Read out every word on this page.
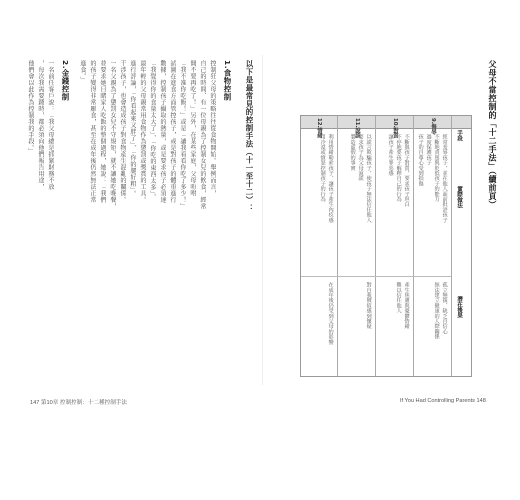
以下是最常見的控制手法（十一至十二）：
1.食物控制
控制狂父母的策略往往從食物開始。舉例而言，
自己的時間、有一位母親為了控制女兒的飲食，經常
開不要再吃了！」另外，在某些家庭，父母吩咐
「我不准你吃飯！」或是「讓我看看你吃了多少！」
試圖在進食方面管控孩子，或是對孩子的體重進行
數據，控制孩子攝取的熱量，或是要求孩子必須達
「我覺得你的食量太大了」、「你吃的東西太多」。
最年輕的父母親常用食物作為懲罰或獎賞的工具。
進行評論，「你看起來又胖了」、「你的腿好粗」。
干涉孩子，也會造成孩子對食物產生混亂的關係。
一名父親為了懲罰女兒不守規矩，就不讓她吃晚餐，
並要求她目睹家人吃飯的整個過程，她說：「我們
的孩子變得非常厭食，甚至在成年後仍然無法正常
進食。」
2.金錢控制
一名前任客戶說：「我父母總是抓緊財務不放
，每次我需要錢時，都必須向他們報告用途，
他們會以此作為控制我的手段。」
147 第10章 控制控制：十二種控制手法
父母不當控制的「十二手法」（續前頁）
手段
實際做法
潛在後果
9.侮辱
10.對質
11.說謊
12.情緒
經常羞辱孩子，並在他人面前批評孩子
不斷地責罵與貶低孩子的能力
過度保護孩子
孩子的自尊心受到損傷
不斷與孩子對質，要求孩子坦白
不停地要孩子解釋自己的行為
讓孩子產生罪惡感
以謊言欺騙孩子，使孩子無法信任他人
要求孩子為父母說謊
製造虛假的事實
利用情緒勒索孩子，讓孩子產生內疚感
用冷漠或憤怒控制孩子的行為
孤立無援、缺乏自信心
無法建立健康的人際關係
產生焦慮與憂鬱情緒
難以信任他人
對自我價值感到懷疑
在成年後仍受到父母的影響
If You Had Controlling Parents 148
